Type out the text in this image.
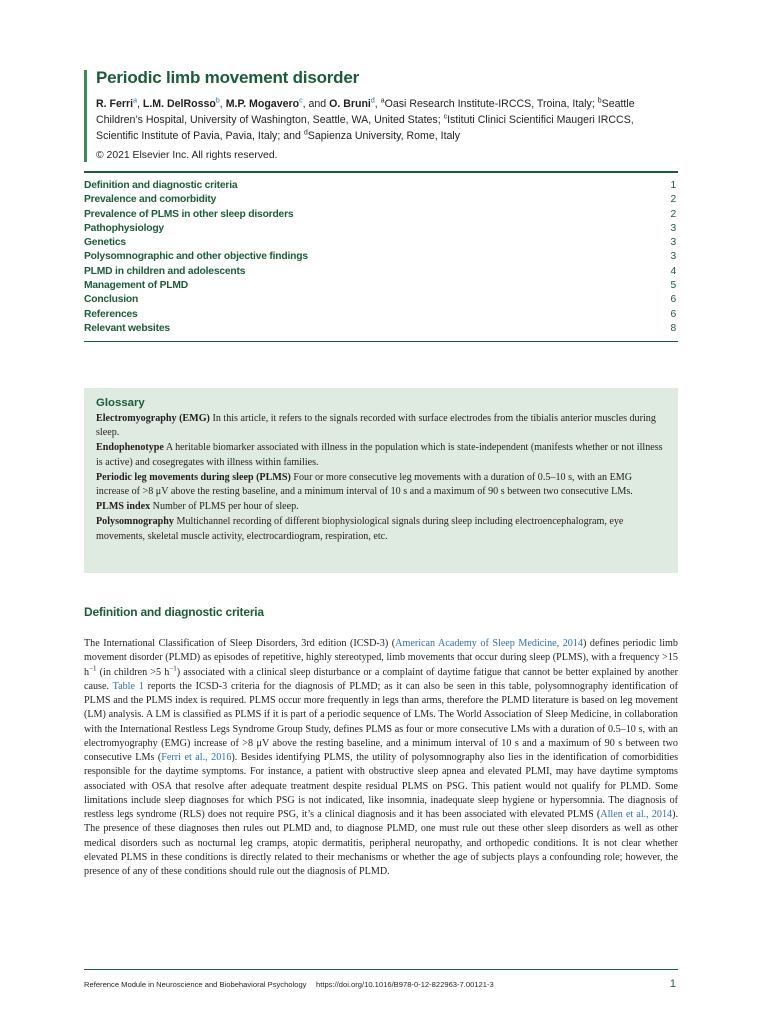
Periodic limb movement disorder
R. Ferri$^a$, L.M. DelRosso$^b$, M.P. Mogavero$^c$, and O. Bruni$^d$, $^a$Oasi Research Institute-IRCCS, Troina, Italy; $^b$Seattle Children’s Hospital, University of Washington, Seattle, WA, United States; $^c$Istituti Clinici Scientifici Maugeri IRCCS, Scientific Institute of Pavia, Pavia, Italy; and $^d$Sapienza University, Rome, Italy
© 2021 Elsevier Inc. All rights reserved.
Definition and diagnostic criteria	1
Prevalence and comorbidity	2
Prevalence of PLMS in other sleep disorders	2
Pathophysiology	3
Genetics	3
Polysomnographic and other objective findings	3
PLMD in children and adolescents	4
Management of PLMD	5
Conclusion	6
References	6
Relevant websites	8
Glossary
Electromyography (EMG) In this article, it refers to the signals recorded with surface electrodes from the tibialis anterior muscles during sleep.
Endophenotype A heritable biomarker associated with illness in the population which is state-independent (manifests whether or not illness is active) and cosegregates with illness within families.
Periodic leg movements during sleep (PLMS) Four or more consecutive leg movements with a duration of 0.5–10 s, with an EMG increase of >8 μV above the resting baseline, and a minimum interval of 10 s and a maximum of 90 s between two consecutive LMs.
PLMS index Number of PLMS per hour of sleep.
Polysomnography Multichannel recording of different biophysiological signals during sleep including electroencephalogram, eye movements, skeletal muscle activity, electrocardiogram, respiration, etc.
Definition and diagnostic criteria
The International Classification of Sleep Disorders, 3rd edition (ICSD-3) (American Academy of Sleep Medicine, 2014) defines periodic limb movement disorder (PLMD) as episodes of repetitive, highly stereotyped, limb movements that occur during sleep (PLMS), with a frequency >15 $h^{-1}$ (in children >5 $h^{-1}$) associated with a clinical sleep disturbance or a complaint of daytime fatigue that cannot be better explained by another cause. Table 1 reports the ICSD-3 criteria for the diagnosis of PLMD; as it can also be seen in this table, polysomnography identification of PLMS and the PLMS index is required. PLMS occur more frequently in legs than arms, therefore the PLMD literature is based on leg movement (LM) analysis. A LM is classified as PLMS if it is part of a periodic sequence of LMs. The World Association of Sleep Medicine, in collaboration with the International Restless Legs Syndrome Group Study, defines PLMS as four or more consecutive LMs with a duration of 0.5–10 s, with an electromyography (EMG) increase of >8 μV above the resting baseline, and a minimum interval of 10 s and a maximum of 90 s between two consecutive LMs (Ferri et al., 2016). Besides identifying PLMS, the utility of polysomnography also lies in the identification of comorbidities responsible for the daytime symptoms. For instance, a patient with obstructive sleep apnea and elevated PLMI, may have daytime symptoms associated with OSA that resolve after adequate treatment despite residual PLMS on PSG. This patient would not qualify for PLMD. Some limitations include sleep diagnoses for which PSG is not indicated, like insomnia, inadequate sleep hygiene or hypersomnia. The diagnosis of restless legs syndrome (RLS) does not require PSG, it’s a clinical diagnosis and it has been associated with elevated PLMS (Allen et al., 2014). The presence of these diagnoses then rules out PLMD and, to diagnose PLMD, one must rule out these other sleep disorders as well as other medical disorders such as nocturnal leg cramps, atopic dermatitis, peripheral neuropathy, and orthopedic conditions. It is not clear whether elevated PLMS in these conditions is directly related to their mechanisms or whether the age of subjects plays a confounding role; however, the presence of any of these conditions should rule out the diagnosis of PLMD.
Reference Module in Neuroscience and Biobehavioral Psychology https://doi.org/10.1016/B978-0-12-822963-7.00121-3	1
